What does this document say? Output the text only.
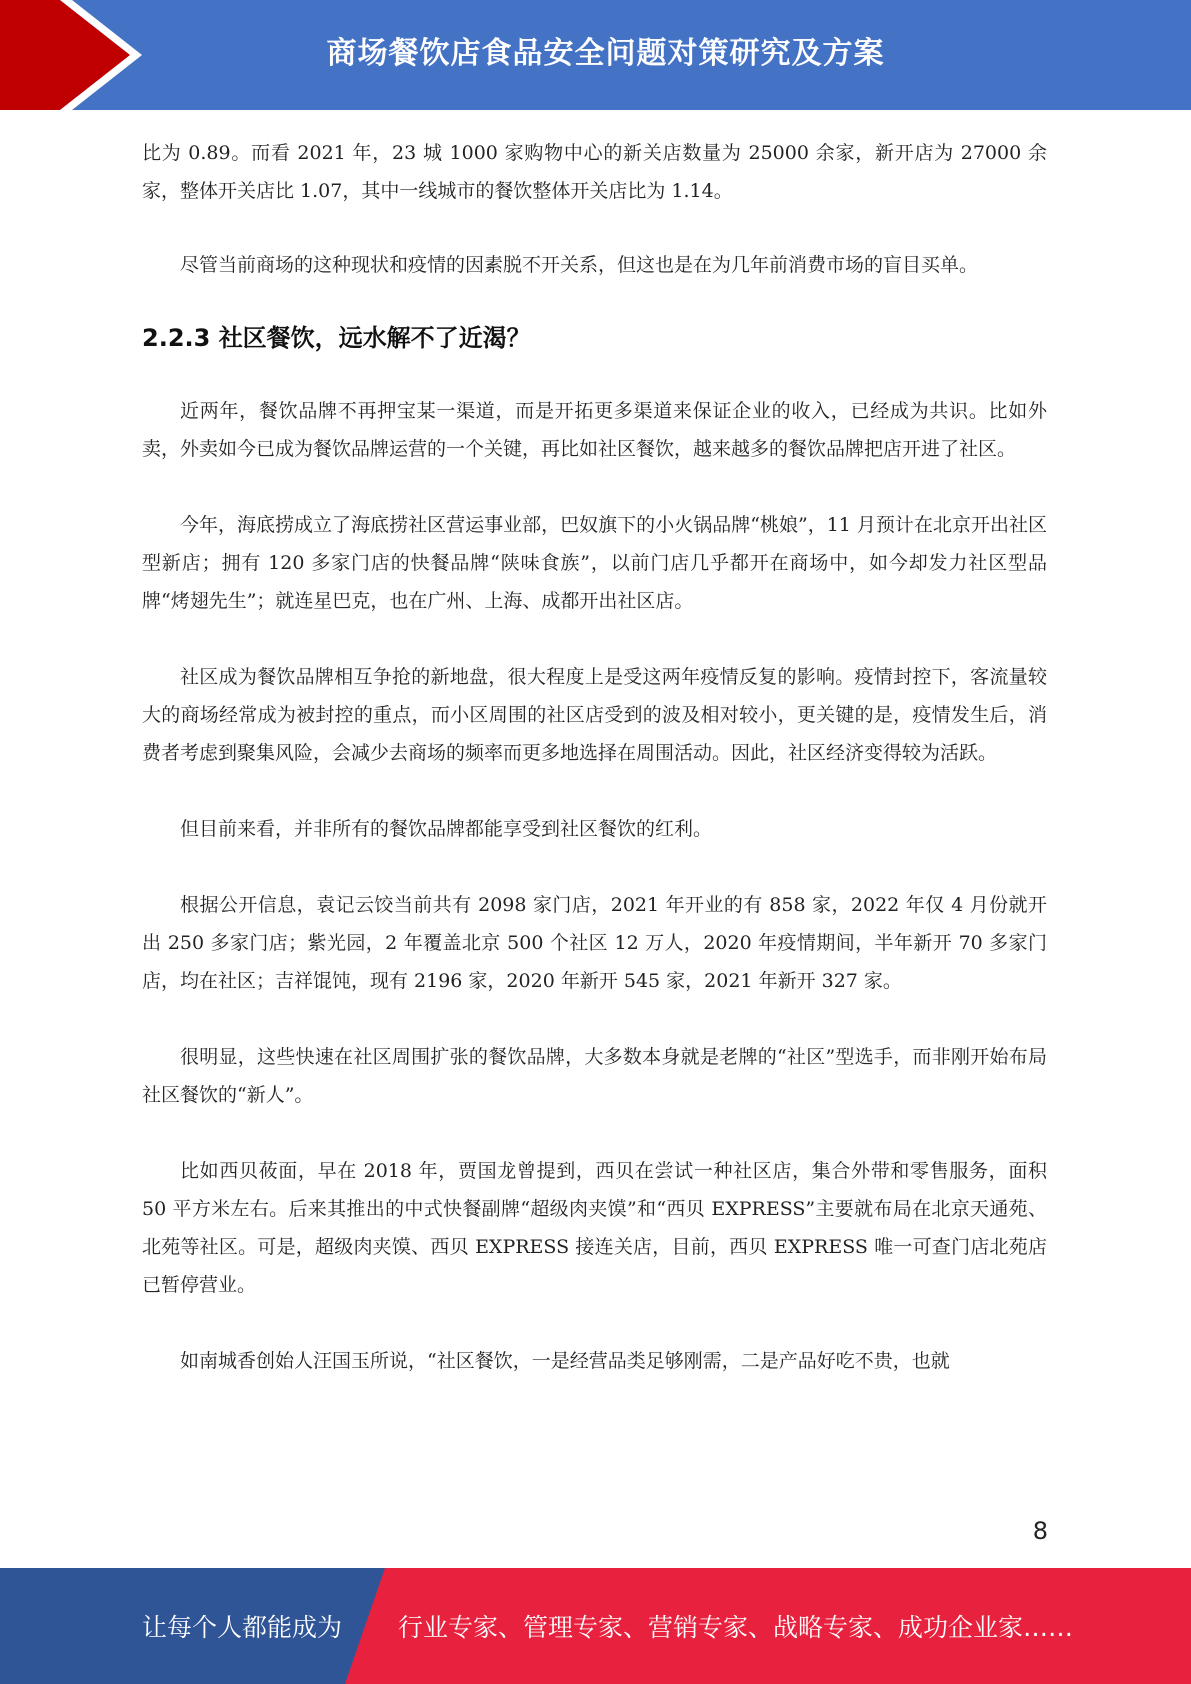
商场餐饮店食品安全问题对策研究及方案

比为 0.89。而看 2021 年，23 城 1000 家购物中心的新关店数量为 25000 余家，新开店为 27000 余家，整体开关店比 1.07，其中一线城市的餐饮整体开关店比为 1.14。

尽管当前商场的这种现状和疫情的因素脱不开关系，但这也是在为几年前消费市场的盲目买单。

2.2.3 社区餐饮，远水解不了近渴？

近两年，餐饮品牌不再押宝某一渠道，而是开拓更多渠道来保证企业的收入，已经成为共识。比如外卖，外卖如今已成为餐饮品牌运营的一个关键，再比如社区餐饮，越来越多的餐饮品牌把店开进了社区。

今年，海底捞成立了海底捞社区营运事业部，巴奴旗下的小火锅品牌“桃娘”，11 月预计在北京开出社区型新店；拥有 120 多家门店的快餐品牌“陕味食族”，以前门店几乎都开在商场中，如今却发力社区型品牌“烤翅先生”；就连星巴克，也在广州、上海、成都开出社区店。

社区成为餐饮品牌相互争抢的新地盘，很大程度上是受这两年疫情反复的影响。疫情封控下，客流量较大的商场经常成为被封控的重点，而小区周围的社区店受到的波及相对较小，更关键的是，疫情发生后，消费者考虑到聚集风险，会减少去商场的频率而更多地选择在周围活动。因此，社区经济变得较为活跃。

但目前来看，并非所有的餐饮品牌都能享受到社区餐饮的红利。

根据公开信息，袁记云饺当前共有 2098 家门店，2021 年开业的有 858 家，2022 年仅 4 月份就开出 250 多家门店；紫光园，2 年覆盖北京 500 个社区 12 万人，2020 年疫情期间，半年新开 70 多家门店，均在社区；吉祥馄饨，现有 2196 家，2020 年新开 545 家，2021 年新开 327 家。

很明显，这些快速在社区周围扩张的餐饮品牌，大多数本身就是老牌的“社区”型选手，而非刚开始布局社区餐饮的“新人”。

比如西贝莜面，早在 2018 年，贾国龙曾提到，西贝在尝试一种社区店，集合外带和零售服务，面积 50 平方米左右。后来其推出的中式快餐副牌“超级肉夹馍”和“西贝 EXPRESS”主要就布局在北京天通苑、北苑等社区。可是，超级肉夹馍、西贝 EXPRESS 接连关店，目前，西贝 EXPRESS 唯一可查门店北苑店已暂停营业。

如南城香创始人汪国玉所说，“社区餐饮，一是经营品类足够刚需，二是产品好吃不贵，也就

8
让每个人都能成为 行业专家、管理专家、营销专家、战略专家、成功企业家……
